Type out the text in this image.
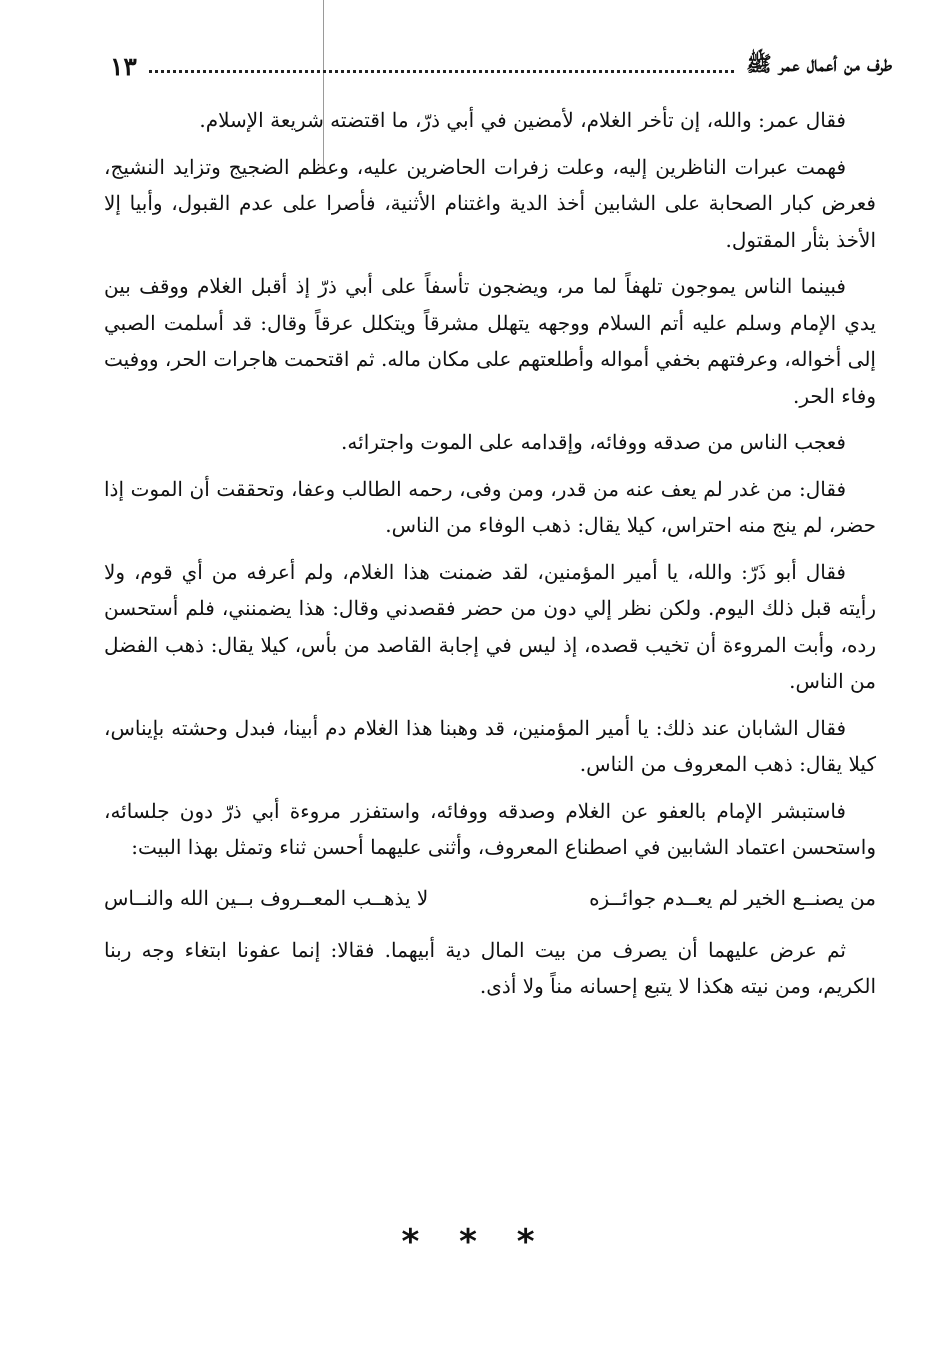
طرف من أعمال عمر ﷺ
١٣

فقال عمر: والله، إن تأخر الغلام، لأمضين في أبي ذرّ، ما اقتضته شريعة الإسلام.

فهمت عبرات الناظرين إليه، وعلت زفرات الحاضرين عليه، وعظم الضجيج وتزايد النشيج، فعرض كبار الصحابة على الشابين أخذ الدية واغتنام الأثنية، فأصرا على عدم القبول، وأبيا إلا الأخذ بثأر المقتول.

فبينما الناس يموجون تلهفاً لما مر، ويضجون تأسفاً على أبي ذرّ إذ أقبل الغلام ووقف بين يدي الإمام وسلم عليه أتم السلام ووجهه يتهلل مشرقاً ويتكلل عرقاً وقال: قد أسلمت الصبي إلى أخواله، وعرفتهم بخفي أمواله وأطلعتهم على مكان ماله. ثم اقتحمت هاجرات الحر، ووفيت وفاء الحر.

فعجب الناس من صدقه ووفائه، وإقدامه على الموت واجترائه.

فقال: من غدر لم يعف عنه من قدر، ومن وفى، رحمه الطالب وعفا، وتحققت أن الموت إذا حضر، لم ينج منه احتراس، كيلا يقال: ذهب الوفاء من الناس.

فقال أبو ذَرّ: والله، يا أمير المؤمنين، لقد ضمنت هذا الغلام، ولم أعرفه من أي قوم، ولا رأيته قبل ذلك اليوم. ولكن نظر إلي دون من حضر فقصدني وقال: هذا يضمنني، فلم أستحسن رده، وأبت المروءة أن تخيب قصده، إذ ليس في إجابة القاصد من بأس، كيلا يقال: ذهب الفضل من الناس.

فقال الشابان عند ذلك: يا أمير المؤمنين، قد وهبنا هذا الغلام دم أبينا، فبدل وحشته بإيناس، كيلا يقال: ذهب المعروف من الناس.

فاستبشر الإمام بالعفو عن الغلام وصدقه ووفائه، واستفزر مروءة أبي ذرّ دون جلسائه، واستحسن اعتماد الشابين في اصطناع المعروف، وأثنى عليهما أحسن ثناء وتمثل بهذا البيت:

من يصنــع الخير لم يعــدم جوائــزه
لا يذهــب المعــروف بــين الله والنــاس

ثم عرض عليهما أن يصرف من بيت المال دية أبيهما. فقالا: إنما عفونا ابتغاء وجه ربنا الكريم، ومن نيته هكذا لا يتبع إحسانه مناً ولا أذى.

* * *
